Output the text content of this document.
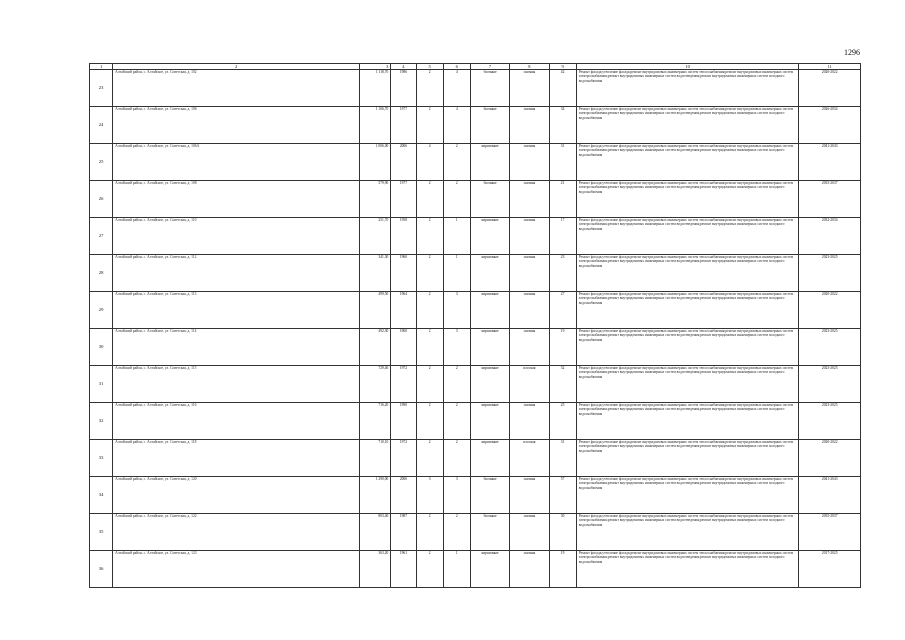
1296
1	2	3	4	5	6	7	8	9	10	11
23	Алтайский район, с. Алтайское, ул. Советская, д. 102	1 118,70	1986	2	4	блочные	скатная	42	Ремонт фасада;утепление фасада;ремонт внутридомовых инженерных систем теплоснабжения;ремонт внутридомовых инженерных систем электроснабжения;ремонт внутридомовых инженерных систем водоотведения;ремонт внутридомовых инженерных систем холодного водоснабжения	2020-2022
24	Алтайский район, с. Алтайское, ул. Советская, д. 106	1 106,70	1977	2	4	блочные	скатная	34	Ремонт фасада;утепление фасада;ремонт внутридомовых инженерных систем теплоснабжения;ремонт внутридомовых инженерных систем электроснабжения;ремонт внутридомовых инженерных систем водоотведения;ремонт внутридомовых инженерных систем холодного водоснабжения	2026-2034
25	Алтайский район, с. Алтайское, ул. Советская, д. 106А	1 006,00	2006	4	2	кирпичные	скатная	31	Ремонт фасада;утепление фасада;ремонт внутридомовых инженерных систем теплоснабжения;ремонт внутридомовых инженерных систем электроснабжения;ремонт внутридомовых инженерных систем водоотведения;ремонт внутридомовых инженерных систем холодного водоснабжения	2041-2043
26	Алтайский район, с. Алтайское, ул. Советская, д. 108	579,90	1977	2	2	блочные	скатная	21	Ремонт фасада;утепление фасада;ремонт внутридомовых инженерных систем теплоснабжения;ремонт внутридомовых инженерных систем электроснабжения;ремонт внутридомовых инженерных систем водоотведения;ремонт внутридомовых инженерных систем холодного водоснабжения	2035-2037
27	Алтайский район, с. Алтайское, ул. Советская, д. 110	251,70	1958	2	1	кирпичные	скатная	17	Ремонт фасада;утепление фасада;ремонт внутридомовых инженерных систем теплоснабжения;ремонт внутридомовых инженерных систем электроснабжения;ремонт внутридомовых инженерных систем водоотведения;ремонт внутридомовых инженерных систем холодного водоснабжения	2032-2034
28	Алтайский район, с. Алтайское, ул. Советская, д. 112	341,30	1960	2	1	кирпичные	скатная	23	Ремонт фасада;утепление фасада;ремонт внутридомовых инженерных систем теплоснабжения;ремонт внутридомовых инженерных систем электроснабжения;ремонт внутридомовых инженерных систем водоотведения;ремонт внутридомовых инженерных систем холодного водоснабжения	2023-2025
29	Алтайский район, с. Алтайское, ул. Советская, д. 113	499,50	1964	2	3	кирпичные	скатная	27	Ремонт фасада;утепление фасада;ремонт внутридомовых инженерных систем теплоснабжения;ремонт внутридомовых инженерных систем электроснабжения;ремонт внутридомовых инженерных систем водоотведения;ремонт внутридомовых инженерных систем холодного водоснабжения	2020-2022
30	Алтайский район, с. Алтайское, ул. Советская, д. 114	492,30	1960	2	3	кирпичные	скатная	19	Ремонт фасада;утепление фасада;ремонт внутридомовых инженерных систем теплоснабжения;ремонт внутридомовых инженерных систем электроснабжения;ремонт внутридомовых инженерных систем водоотведения;ремонт внутридомовых инженерных систем холодного водоснабжения	2023-2025
31	Алтайский район, с. Алтайское, ул. Советская, д. 115	729,40	1972	2	2	кирпичные	плоская	32	Ремонт фасада;утепление фасада;ремонт внутридомовых инженерных систем теплоснабжения;ремонт внутридомовых инженерных систем электроснабжения;ремонт внутридомовых инженерных систем водоотведения;ремонт внутридомовых инженерных систем холодного водоснабжения	2023-2025
32	Алтайский район, с. Алтайское, ул. Советская, д. 116	716,20	1990	2	2	кирпичные	скатная	25	Ремонт фасада;утепление фасада;ремонт внутридомовых инженерных систем теплоснабжения;ремонт внутридомовых инженерных систем электроснабжения;ремонт внутридомовых инженерных систем водоотведения;ремонт внутридомовых инженерных систем холодного водоснабжения	2023-2025
33	Алтайский район, с. Алтайское, ул. Советская, д. 118	710,10	1972	2	2	кирпичные	плоская	31	Ремонт фасада;утепление фасада;ремонт внутридомовых инженерных систем теплоснабжения;ремонт внутридомовых инженерных систем электроснабжения;ремонт внутридомовых инженерных систем водоотведения;ремонт внутридомовых инженерных систем холодного водоснабжения	2020-2022
34	Алтайский район, с. Алтайское, ул. Советская, д. 120	1 290,00	2006	3	3	блочные	скатная	57	Ремонт фасада;утепление фасада;ремонт внутридомовых инженерных систем теплоснабжения;ремонт внутридомовых инженерных систем электроснабжения;ремонт внутридомовых инженерных систем водоотведения;ремонт внутридомовых инженерных систем холодного водоснабжения	2041-2043
35	Алтайский район, с. Алтайское, ул. Советская, д. 122	803,40	1987	2	2	блочные	скатная	30	Ремонт фасада;утепление фасада;ремонт внутридомовых инженерных систем теплоснабжения;ремонт внутридомовых инженерных систем электроснабжения;ремонт внутридомовых инженерных систем водоотведения;ремонт внутридомовых инженерных систем холодного водоснабжения	2035-2037
36	Алтайский район, с. Алтайское, ул. Советская, д. 123	363,20	1961	2	1	кирпичные	скатная	19	Ремонт фасада;утепление фасада;ремонт внутридомовых инженерных систем теплоснабжения;ремонт внутридомовых инженерных систем электроснабжения;ремонт внутридомовых инженерных систем водоотведения;ремонт внутридомовых инженерных систем холодного водоснабжения	2017-2025
